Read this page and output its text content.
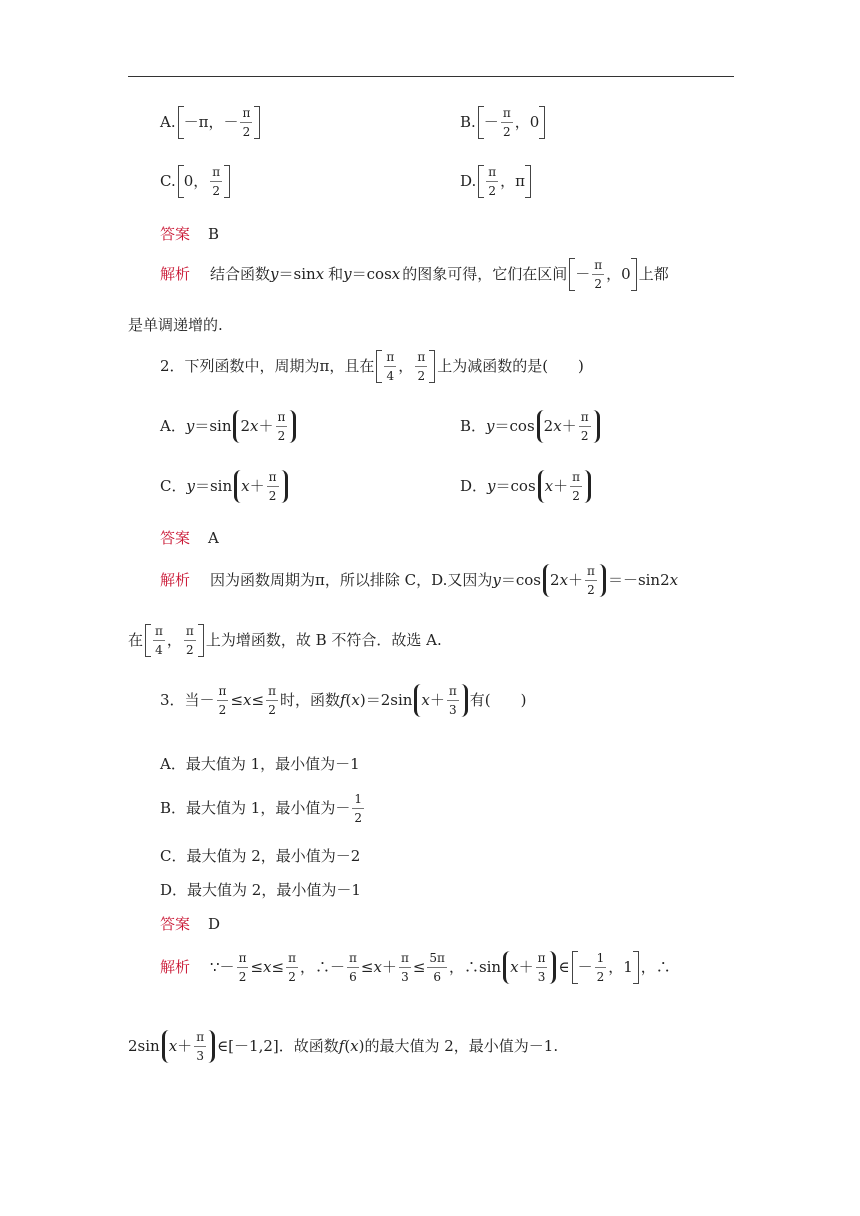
A. －π，－ π
2
B. － π
2
，0
C. 0， π
2
D. π
2
，π
答案 B
解析 结合函数 y ＝sin x 和 y ＝cos x 的图象可得，它们在区间 － π
2
，0 上都
是单调递增的.
2．下列函数中，周期为π，且在 π
4
， π
2
上为减函数的是(　　)
A． y ＝sin 2 x ＋ π
2
B． y ＝cos 2 x ＋ π
2
C． y ＝sin x ＋ π
2
D． y ＝cos x ＋ π
2
答案 A
解析 因为函数周期为π，所以排除 C，D.又因为 y ＝cos 2 x ＋ π
2
＝－sin2 x
在 π
4
， π
2
上为增函数，故 B 不符合．故选 A.
3．当－ π
2
≤ x ≤ π
2
时，函数 f ( x )＝2sin x ＋ π
3
有(　　)
A．最大值为 1，最小值为－1
B．最大值为 1，最小值为－ 1
2
C．最大值为 2，最小值为－2
D．最大值为 2，最小值为－1
答案 D
解析 ∵－ π
2
≤ x ≤ π
2
，∴－ π
6
≤ x ＋ π
3
≤ 5π
6
，∴sin x ＋ π
3
∈ － 1
2
，1 ，∴
2sin x ＋ π
3
∈[－1,2]．故函数 f ( x )的最大值为 2，最小值为－1.
